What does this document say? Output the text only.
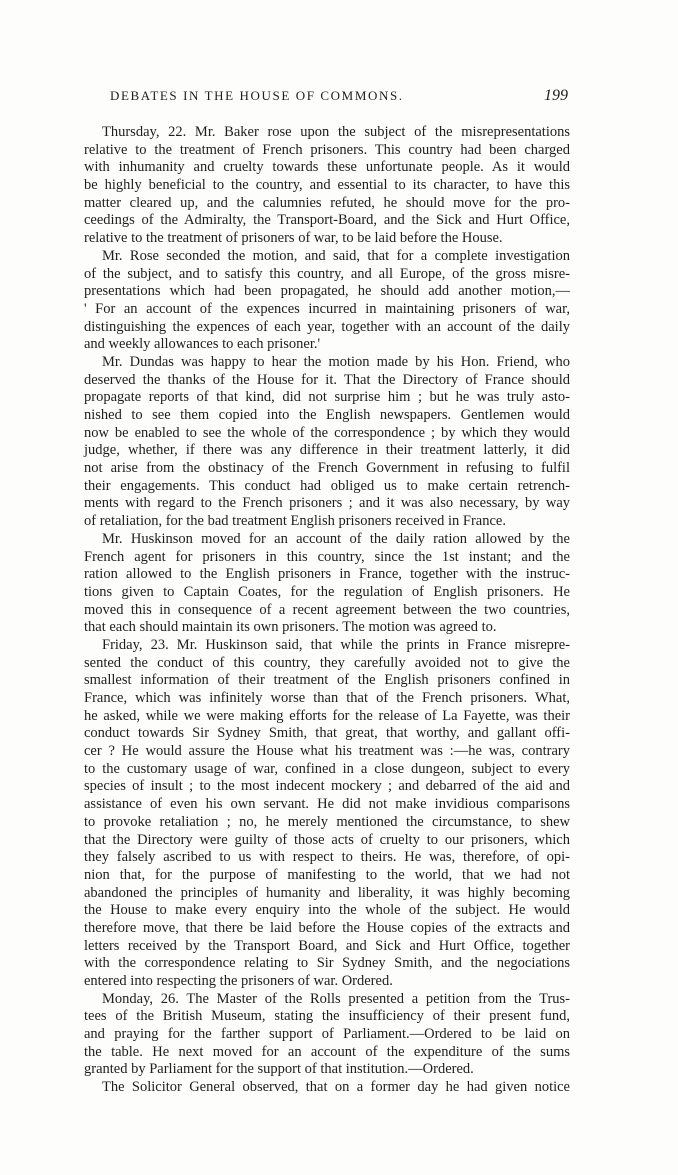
DEBATES IN THE HOUSE OF COMMONS.	199
Thursday, 22. Mr. Baker rose upon the subject of the misrepresentations
relative to the treatment of French prisoners. This country had been charged
with inhumanity and cruelty towards these unfortunate people. As it would
be highly beneficial to the country, and essential to its character, to have this
matter cleared up, and the calumnies refuted, he should move for the pro-
ceedings of the Admiralty, the Transport-Board, and the Sick and Hurt Office,
relative to the treatment of prisoners of war, to be laid before the House.
Mr. Rose seconded the motion, and said, that for a complete investigation
of the subject, and to satisfy this country, and all Europe, of the gross misre-
presentations which had been propagated, he should add another motion,—
' For an account of the expences incurred in maintaining prisoners of war,
distinguishing the expences of each year, together with an account of the daily
and weekly allowances to each prisoner.'
Mr. Dundas was happy to hear the motion made by his Hon. Friend, who
deserved the thanks of the House for it. That the Directory of France should
propagate reports of that kind, did not surprise him ; but he was truly asto-
nished to see them copied into the English newspapers. Gentlemen would
now be enabled to see the whole of the correspondence ; by which they would
judge, whether, if there was any difference in their treatment latterly, it did
not arise from the obstinacy of the French Government in refusing to fulfil
their engagements. This conduct had obliged us to make certain retrench-
ments with regard to the French prisoners ; and it was also necessary, by way
of retaliation, for the bad treatment English prisoners received in France.
Mr. Huskinson moved for an account of the daily ration allowed by the
French agent for prisoners in this country, since the 1st instant; and the
ration allowed to the English prisoners in France, together with the instruc-
tions given to Captain Coates, for the regulation of English prisoners. He
moved this in consequence of a recent agreement between the two countries,
that each should maintain its own prisoners. The motion was agreed to.
Friday, 23. Mr. Huskinson said, that while the prints in France misrepre-
sented the conduct of this country, they carefully avoided not to give the
smallest information of their treatment of the English prisoners confined in
France, which was infinitely worse than that of the French prisoners. What,
he asked, while we were making efforts for the release of La Fayette, was their
conduct towards Sir Sydney Smith, that great, that worthy, and gallant offi-
cer ? He would assure the House what his treatment was :—he was, contrary
to the customary usage of war, confined in a close dungeon, subject to every
species of insult ; to the most indecent mockery ; and debarred of the aid and
assistance of even his own servant. He did not make invidious comparisons
to provoke retaliation ; no, he merely mentioned the circumstance, to shew
that the Directory were guilty of those acts of cruelty to our prisoners, which
they falsely ascribed to us with respect to theirs. He was, therefore, of opi-
nion that, for the purpose of manifesting to the world, that we had not
abandoned the principles of humanity and liberality, it was highly becoming
the House to make every enquiry into the whole of the subject. He would
therefore move, that there be laid before the House copies of the extracts and
letters received by the Transport Board, and Sick and Hurt Office, together
with the correspondence relating to Sir Sydney Smith, and the negociations
entered into respecting the prisoners of war. Ordered.
Monday, 26. The Master of the Rolls presented a petition from the Trus-
tees of the British Museum, stating the insufficiency of their present fund,
and praying for the farther support of Parliament.—Ordered to be laid on
the table. He next moved for an account of the expenditure of the sums
granted by Parliament for the support of that institution.—Ordered.
The Solicitor General observed, that on a former day he had given notice
